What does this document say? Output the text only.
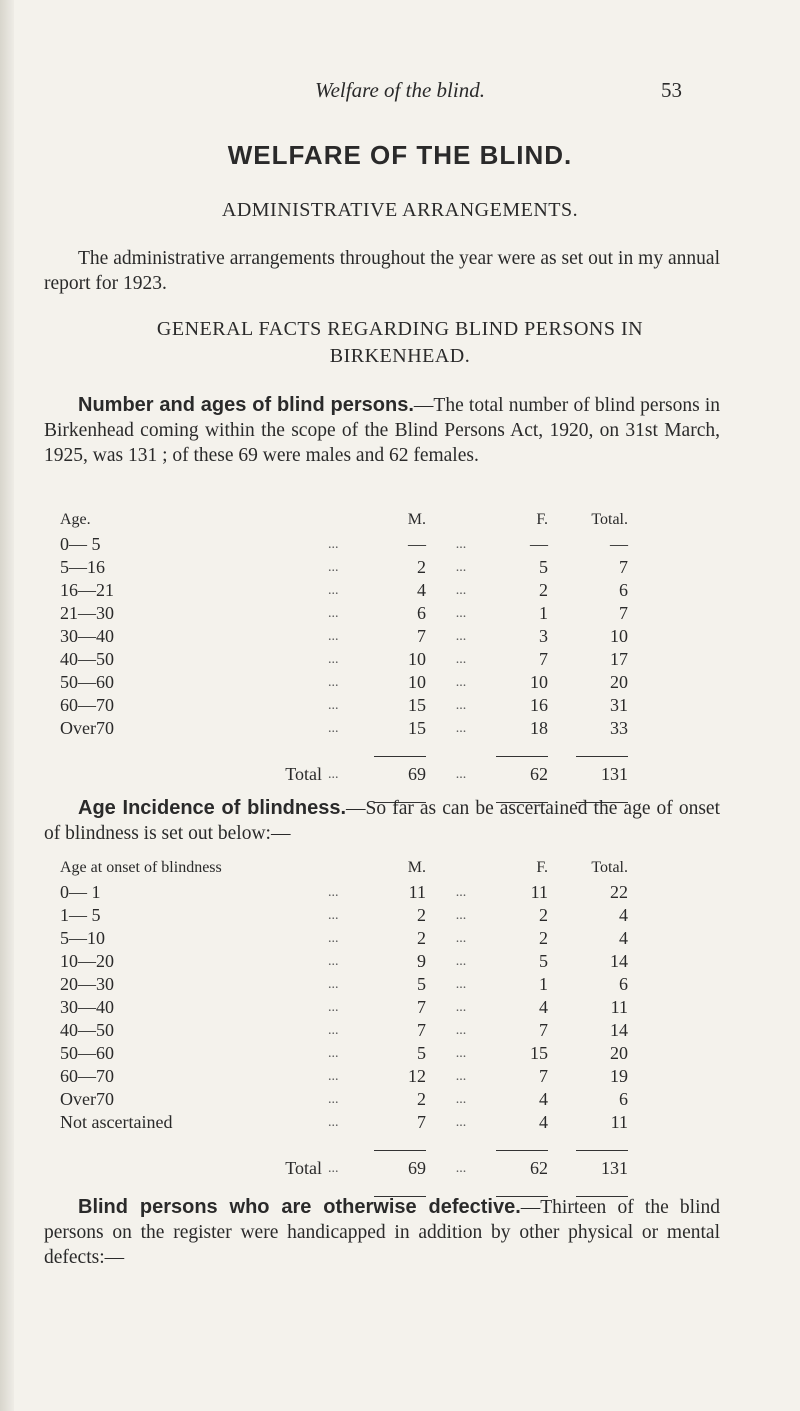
Welfare of the blind.	53
WELFARE OF THE BLIND.
ADMINISTRATIVE ARRANGEMENTS.
The administrative arrangements throughout the year were as set out in my annual report for 1923.
GENERAL FACTS REGARDING BLIND PERSONS IN
BIRKENHEAD.
Number and ages of blind persons.—The total number of blind persons in Birkenhead coming within the scope of the Blind Persons Act, 1920, on 31st March, 1925, was 131 ; of these 69 were males and 62 females.
Age.		M.		F.	Total.
0— 5	...	—	...	—	—
5—16	...	2	...	5	7
16—21	...	4	...	2	6
21—30	...	6	...	1	7
30—40	...	7	...	3	10
40—50	...	10	...	7	17
50—60	...	10	...	10	20
60—70	...	15	...	16	31
Over70	...	15	...	18	33

Total	...	69	...	62	131

Age Incidence of blindness.—So far as can be ascertained the age of onset of blindness is set out below:—
Age at onset of blindness		M.		F.	Total.
0— 1	...	11	...	11	22
1— 5	...	2	...	2	4
5—10	...	2	...	2	4
10—20	...	9	...	5	14
20—30	...	5	...	1	6
30—40	...	7	...	4	11
40—50	...	7	...	7	14
50—60	...	5	...	15	20
60—70	...	12	...	7	19
Over70	...	2	...	4	6
Not ascertained	...	7	...	4	11

Total	...	69	...	62	131

Blind persons who are otherwise defective.—Thirteen of the blind persons on the register were handicapped in addition by other physical or mental defects:—
